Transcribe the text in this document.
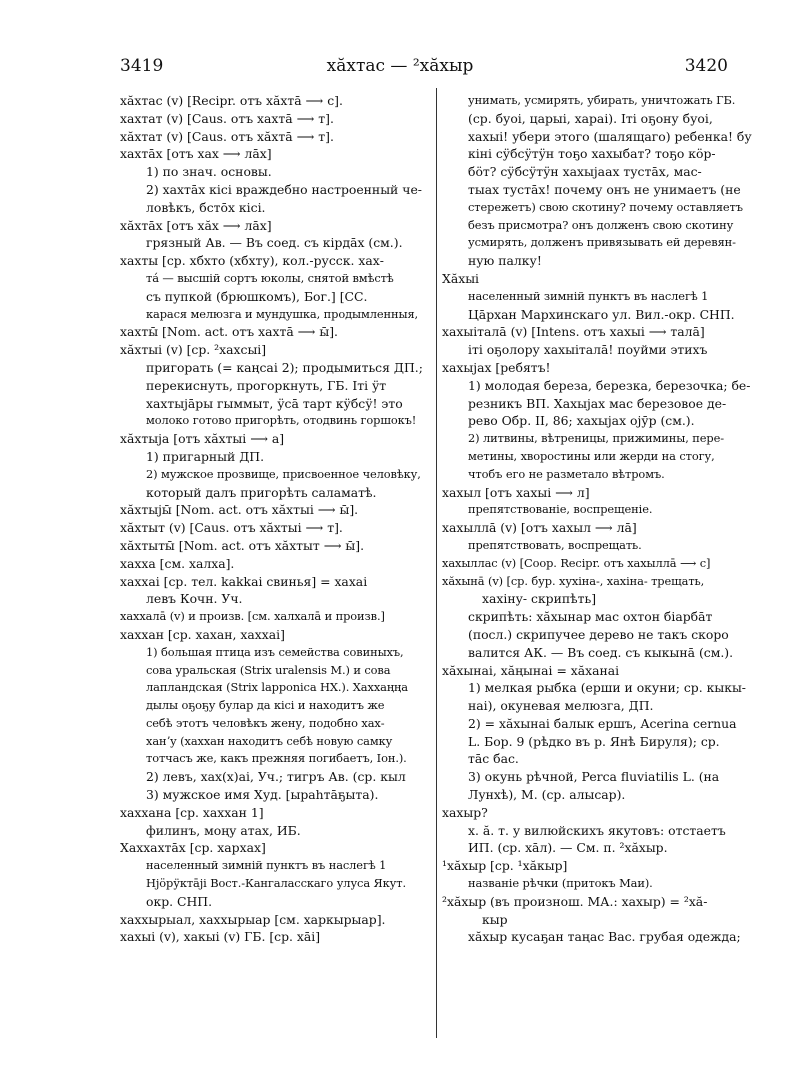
3419	хăхтас — ²хăхыр	3420
хăхтас (v) [Recipr. отъ хăхтā ⟶ с].
хахтат (v) [Caus. отъ хахтā ⟶ т].
хăхтат (v) [Caus. отъ хăхтā ⟶ т].
хахтāх [отъ хах ⟶ лāх]
1) по знач. основы.
2) хахтāх кісі враждебно настроенный че-
ловѣкъ, бстōх кісі.
хăхтāх [отъ хăх ⟶ лāх]
грязный Ав. — Въ соед. съ кірдāх (см.).
хахты [ср. хбхто (хбхту), кол.-русск. хах-
тá — высшій сортъ юколы, снятой вмѣстѣ
съ пупкой (брюшкомъ), Бог.] [СС.
карася мелюзга и мундушка, продымленныя,
хахты̄ [Nom. act. отъ хахтā ⟶ ы̄].
хăхтыі (v) [ср. ²хахсыі]
пригорать (= каңсаі 2); продымиться ДП.;
перекиснуть, прогоркнуть, ГБ. Іті ӱт
хахтыјāры гыммыт, ӱсā тарт кӱбсӱ! это
молоко готово пригорѣть, отодвинь горшокъ!
хăхтыја [отъ хăхтыі ⟶ а]
1) пригарный ДП.
2) мужское прозвище, присвоенное человѣку,
который далъ пригорѣть саламатѣ.
хăхтыјы̄ [Nom. act. отъ хăхтыі ⟶ ы̄].
хăхтыт (v) [Caus. отъ хăхтыі ⟶ т].
хăхтыты̄ [Nom. act. отъ хăхтыт ⟶ ы̄].
хахха [см. халха].
хаххаі [ср. тел. kakkai свинья] = хахаі
левъ Кочн. Уч.
хаххалā (v) и произв. [см. халхалā и произв.]
хаххан [ср. хахан, хаххаі]
1) большая птица изъ семейства совиныхъ,
сова уральская (Strix uralensis М.) и сова
лапландская (Strix lapponica НХ.). Хаххаңңа
дылы оҕоҕу булар да кісі и находитъ же
себѣ этотъ человѣкъ жену, подобно хах-
ханʼу (хаххан находитъ себѣ новую самку
тотчасъ же, какъ прежняя погибаетъ, Іон.).
2) левъ, хах(х)аі, Уч.; тигръ Ав. (ср. кыл
3) мужское имя Худ. [ыраhтāҕыта).
хаххана [ср. хаххан 1]
филинъ, моңу атах, ИБ.
Хаххахтāх [ср. хархах]
населенный зимній пунктъ въ наслегѣ 1
Нјӧрӱктāјі Вост.-Кангаласскаго улуса Якут.
окр. СНП.
хаххырыал, хаххырыар [см. харкырыар].
хахыі (v), хакыі (v) ГБ. [ср. хāі]
унимать, усмирять, убирать, уничтожать ГБ.
(ср. буоі, царыі, хараі). Іті оҕону буоі,
хахыі! убери этого (шалящаго) ребенка! бу
кіні сӱбсӱтӱн тоҕо хахыбат? тоҕо кӧр-
бӧт? сӱбсӱтӱн хахыјаах тустāх, мас-
тыах тустāх! почему онъ не унимаетъ (не
стережетъ) свою скотину? почему оставляетъ
безъ присмотра? онъ долженъ свою скотину
усмирять, долженъ привязывать ей деревян-
ную палку!
Хăхыі
населенный зимній пунктъ въ наслегѣ 1
Цāрхан Мархинскаго ул. Вил.-окр. СНП.
хахыіталā (v) [Intens. отъ хахыі ⟶ талā]
іті оҕолору хахыіталā! пoуйми этихъ
хахыјах [ребятъ!
1) молодая береза, березка, березочка; бе-
резникъ ВП. Хахыјах мас березовое де-
рево Обр. II, 86; хахыјах ојӯр (см.).
2) литвины, вѣтреницы, прижимины, пере-
метины, хворостины или жерди на стогу,
чтобъ его не разметало вѣтромъ.
хахыл [отъ хахыі ⟶ л]
препятствованіе, воспрещеніе.
хахылла̄ (v) [отъ хахыл ⟶ лā]
препятствовать, воспрещать.
хахыллас (v) [Coop. Recipr. отъ хахыллā ⟶ с]
хăхына̄ (v) [ср. бур. хухіна-, хахіна- трещать,
хахіну- скрипѣть]
скрипѣть: хăхынар мас охтон біарбāт
(посл.) скрипучее дерево не такъ скоро
валится АК. — Въ соед. съ кыкына̄ (см.).
хăхынаі, хăңынаі = хăханаі
1) мелкая рыбка (ерши и окуни; ср. кыкы-
наі), окуневая мелюзга, ДП.
2) = хăхынаі балык ершъ, Acerina cernua
L. Бор. 9 (рѣдко въ р. Янѣ Бируля); ср.
тāс бас.
3) окунь рѣчной, Perca fluviatilis L. (на
Лунхѣ), М. (ср. алысар).
хахыр?
х. ă. т. у вилюйскихъ якутовъ: отстаетъ
ИП. (ср. хāл). — См. п. ²хăхыр.
¹хăхыр [ср. ¹хăкыр]
названіе рѣчки (притокъ Маи).
²хăхыр (въ произнош. МА.: хахыр) = ²хă-
кыр
хăхыр кусаҕан таңас Вас. грубая одежда;
